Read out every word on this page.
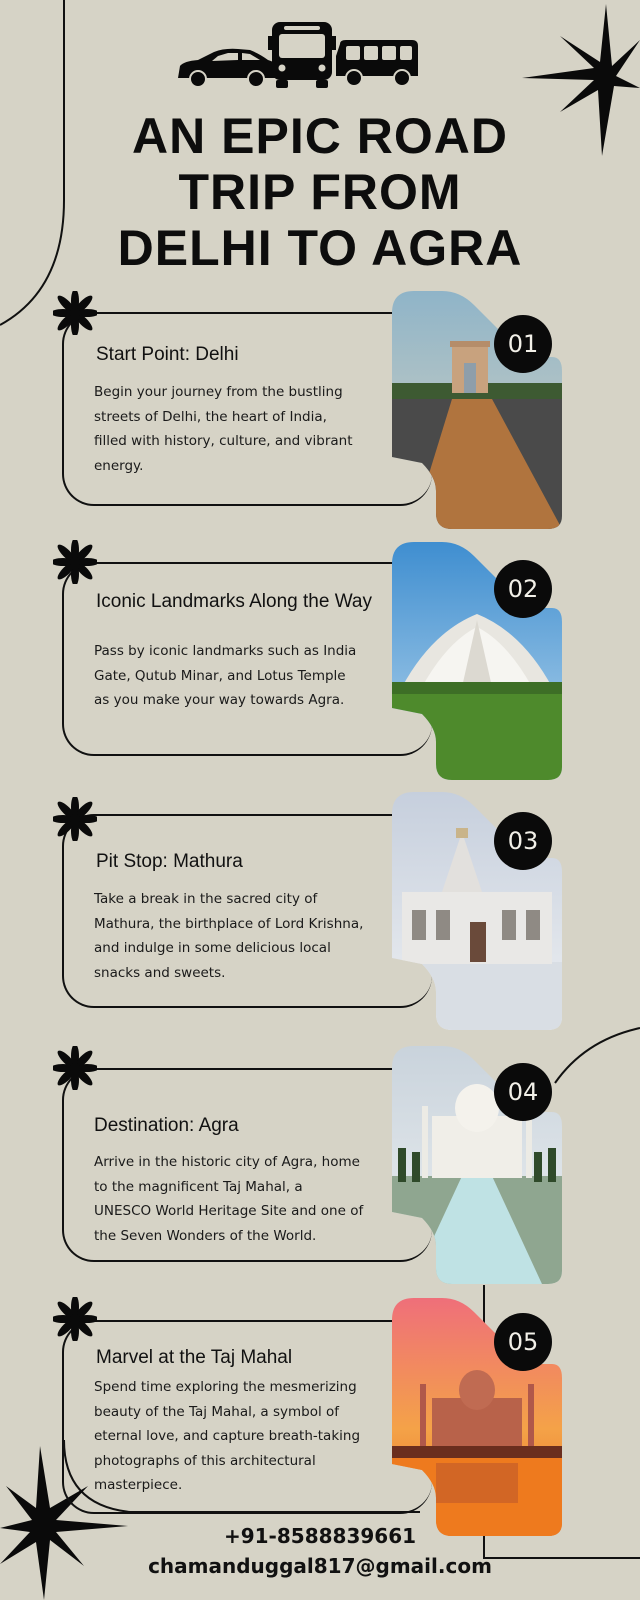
AN EPIC ROAD
TRIP FROM
DELHI TO AGRA
Start Point: Delhi
Begin your journey from the bustling streets of Delhi, the heart of India, filled with history, culture, and vibrant energy.
01
Iconic Landmarks Along the Way
Pass by iconic landmarks such as India Gate, Qutub Minar, and Lotus Temple as you make your way towards Agra.
02
Pit Stop: Mathura
Take a break in the sacred city of Mathura, the birthplace of Lord Krishna, and indulge in some delicious local snacks and sweets.
03
Destination: Agra
Arrive in the historic city of Agra, home to the magnificent Taj Mahal, a UNESCO World Heritage Site and one of the Seven Wonders of the World.
04
Marvel at the Taj Mahal
Spend time exploring the mesmerizing beauty of the Taj Mahal, a symbol of eternal love, and capture breath-taking photographs of this architectural masterpiece.
05
+91-8588839661
chamanduggal817@gmail.com
